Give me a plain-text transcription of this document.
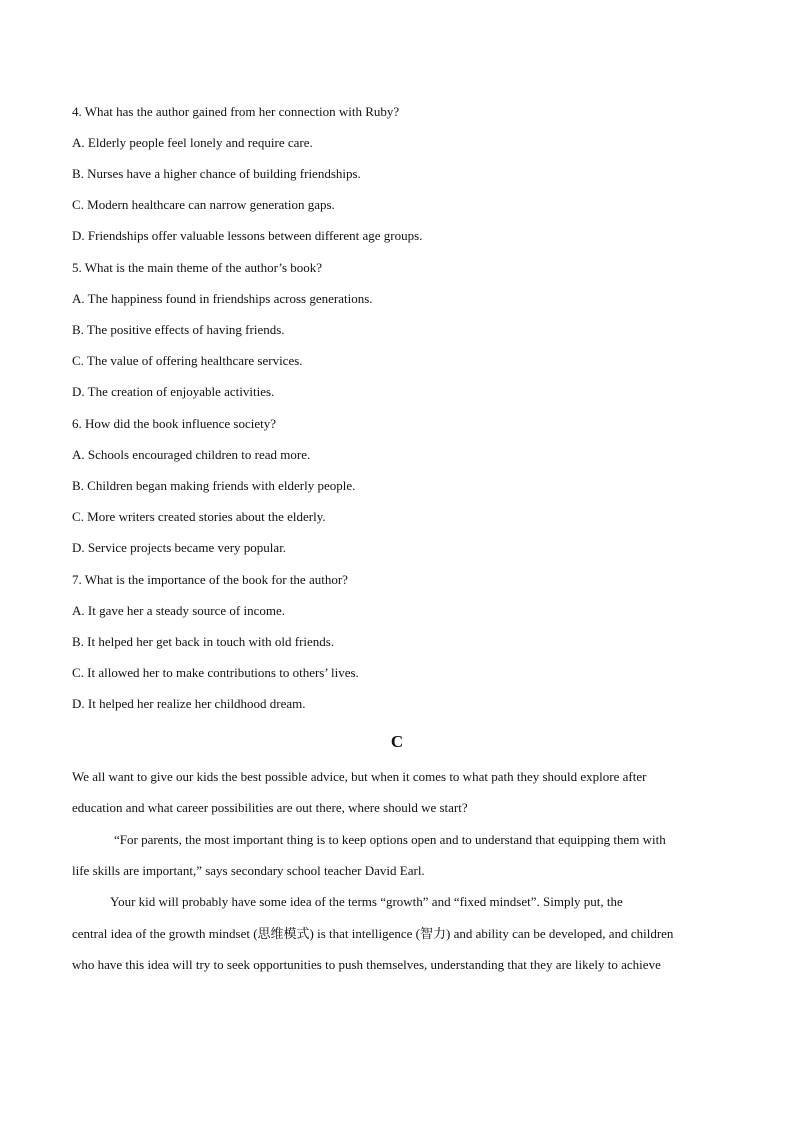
4. What has the author gained from her connection with Ruby?
A. Elderly people feel lonely and require care.
B. Nurses have a higher chance of building friendships.
C. Modern healthcare can narrow generation gaps.
D. Friendships offer valuable lessons between different age groups.
5. What is the main theme of the author’s book?
A. The happiness found in friendships across generations.
B. The positive effects of having friends.
C. The value of offering healthcare services.
D. The creation of enjoyable activities.
6. How did the book influence society?
A. Schools encouraged children to read more.
B. Children began making friends with elderly people.
C. More writers created stories about the elderly.
D. Service projects became very popular.
7. What is the importance of the book for the author?
A. It gave her a steady source of income.
B. It helped her get back in touch with old friends.
C. It allowed her to make contributions to others’ lives.
D. It helped her realize her childhood dream.
C
We all want to give our kids the best possible advice, but when it comes to what path they should explore after
education and what career possibilities are out there, where should we start?
“For parents, the most important thing is to keep options open and to understand that equipping them with
life skills are important,” says secondary school teacher David Earl.
Your kid will probably have some idea of the terms “growth” and “fixed mindset”. Simply put, the
central idea of the growth mindset (思维模式) is that intelligence (智力) and ability can be developed, and children
who have this idea will try to seek opportunities to push themselves, understanding that they are likely to achieve
